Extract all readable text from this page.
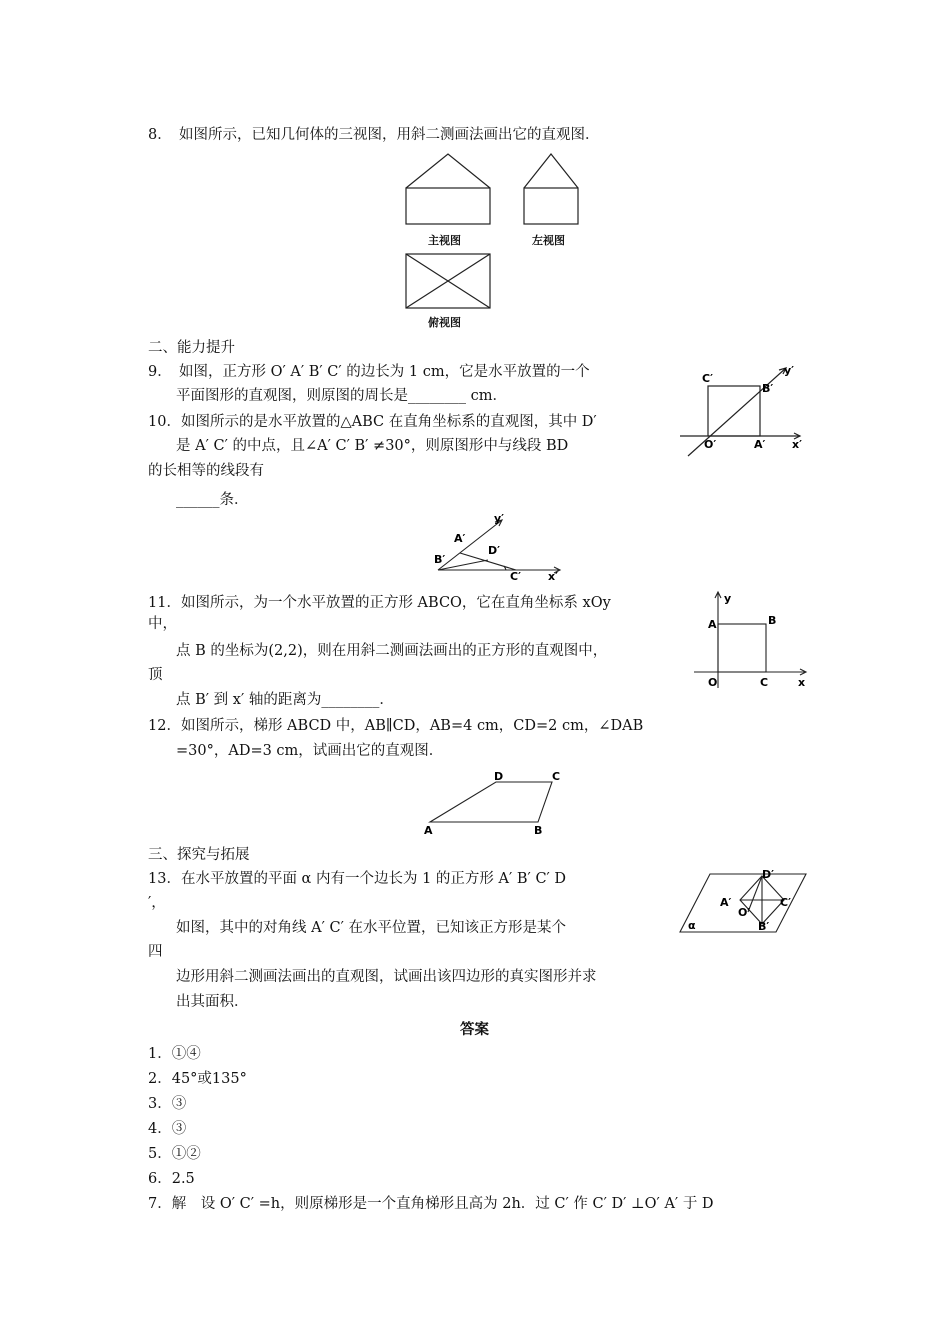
8．　如图所示，已知几何体的三视图，用斜二测画法画出它的直观图．
主视图	左视图
俯视图
二、能力提升
9．　如图，正方形 O′ A′ B′ C′ 的边长为 1 cm，它是水平放置的一个
平面图形的直观图，则原图的周长是________ cm．
C′
B′
O′	A′ x′
y′
10．如图所示的是水平放置的△ABC 在直角坐标系的直观图，其中 D′
是 A′ C′ 的中点，且∠A′ C′ B′ ≠30°，则原图形中与线段 BD
的长相等的线段有
______条．
A′
B′
C′
D′
x′
y′
11．如图所示，为一个水平放置的正方形 ABCO，它在直角坐标系 xOy
中，
点 B 的坐标为(2,2)，则在用斜二测画法画出的正方形的直观图中，
顶
点 B′ 到 x′ 轴的距离为________．
y
A	B
O	C	x
12．如图所示，梯形 ABCD 中，AB∥CD，AB=4 cm，CD=2 cm，∠DAB
=30°，AD=3 cm，试画出它的直观图．
D	C
A	B
三、探究与拓展
13．在水平放置的平面 α 内有一个边长为 1 的正方形 A′ B′ C′ D
′，
如图，其中的对角线 A′ C′ 在水平位置，已知该正方形是某个
四
边形用斜二测画法画出的直观图，试画出该四边形的真实图形并求
出其面积．
D′
A′
O′
C′
B′
α
答案
1．①④
2．45°或135°
3．③
4．③
5．①②
6．2.5
7．解　设 O′ C′ =h，则原梯形是一个直角梯形且高为 2h．过 C′ 作 C′ D′ ⊥O′ A′ 于 D
